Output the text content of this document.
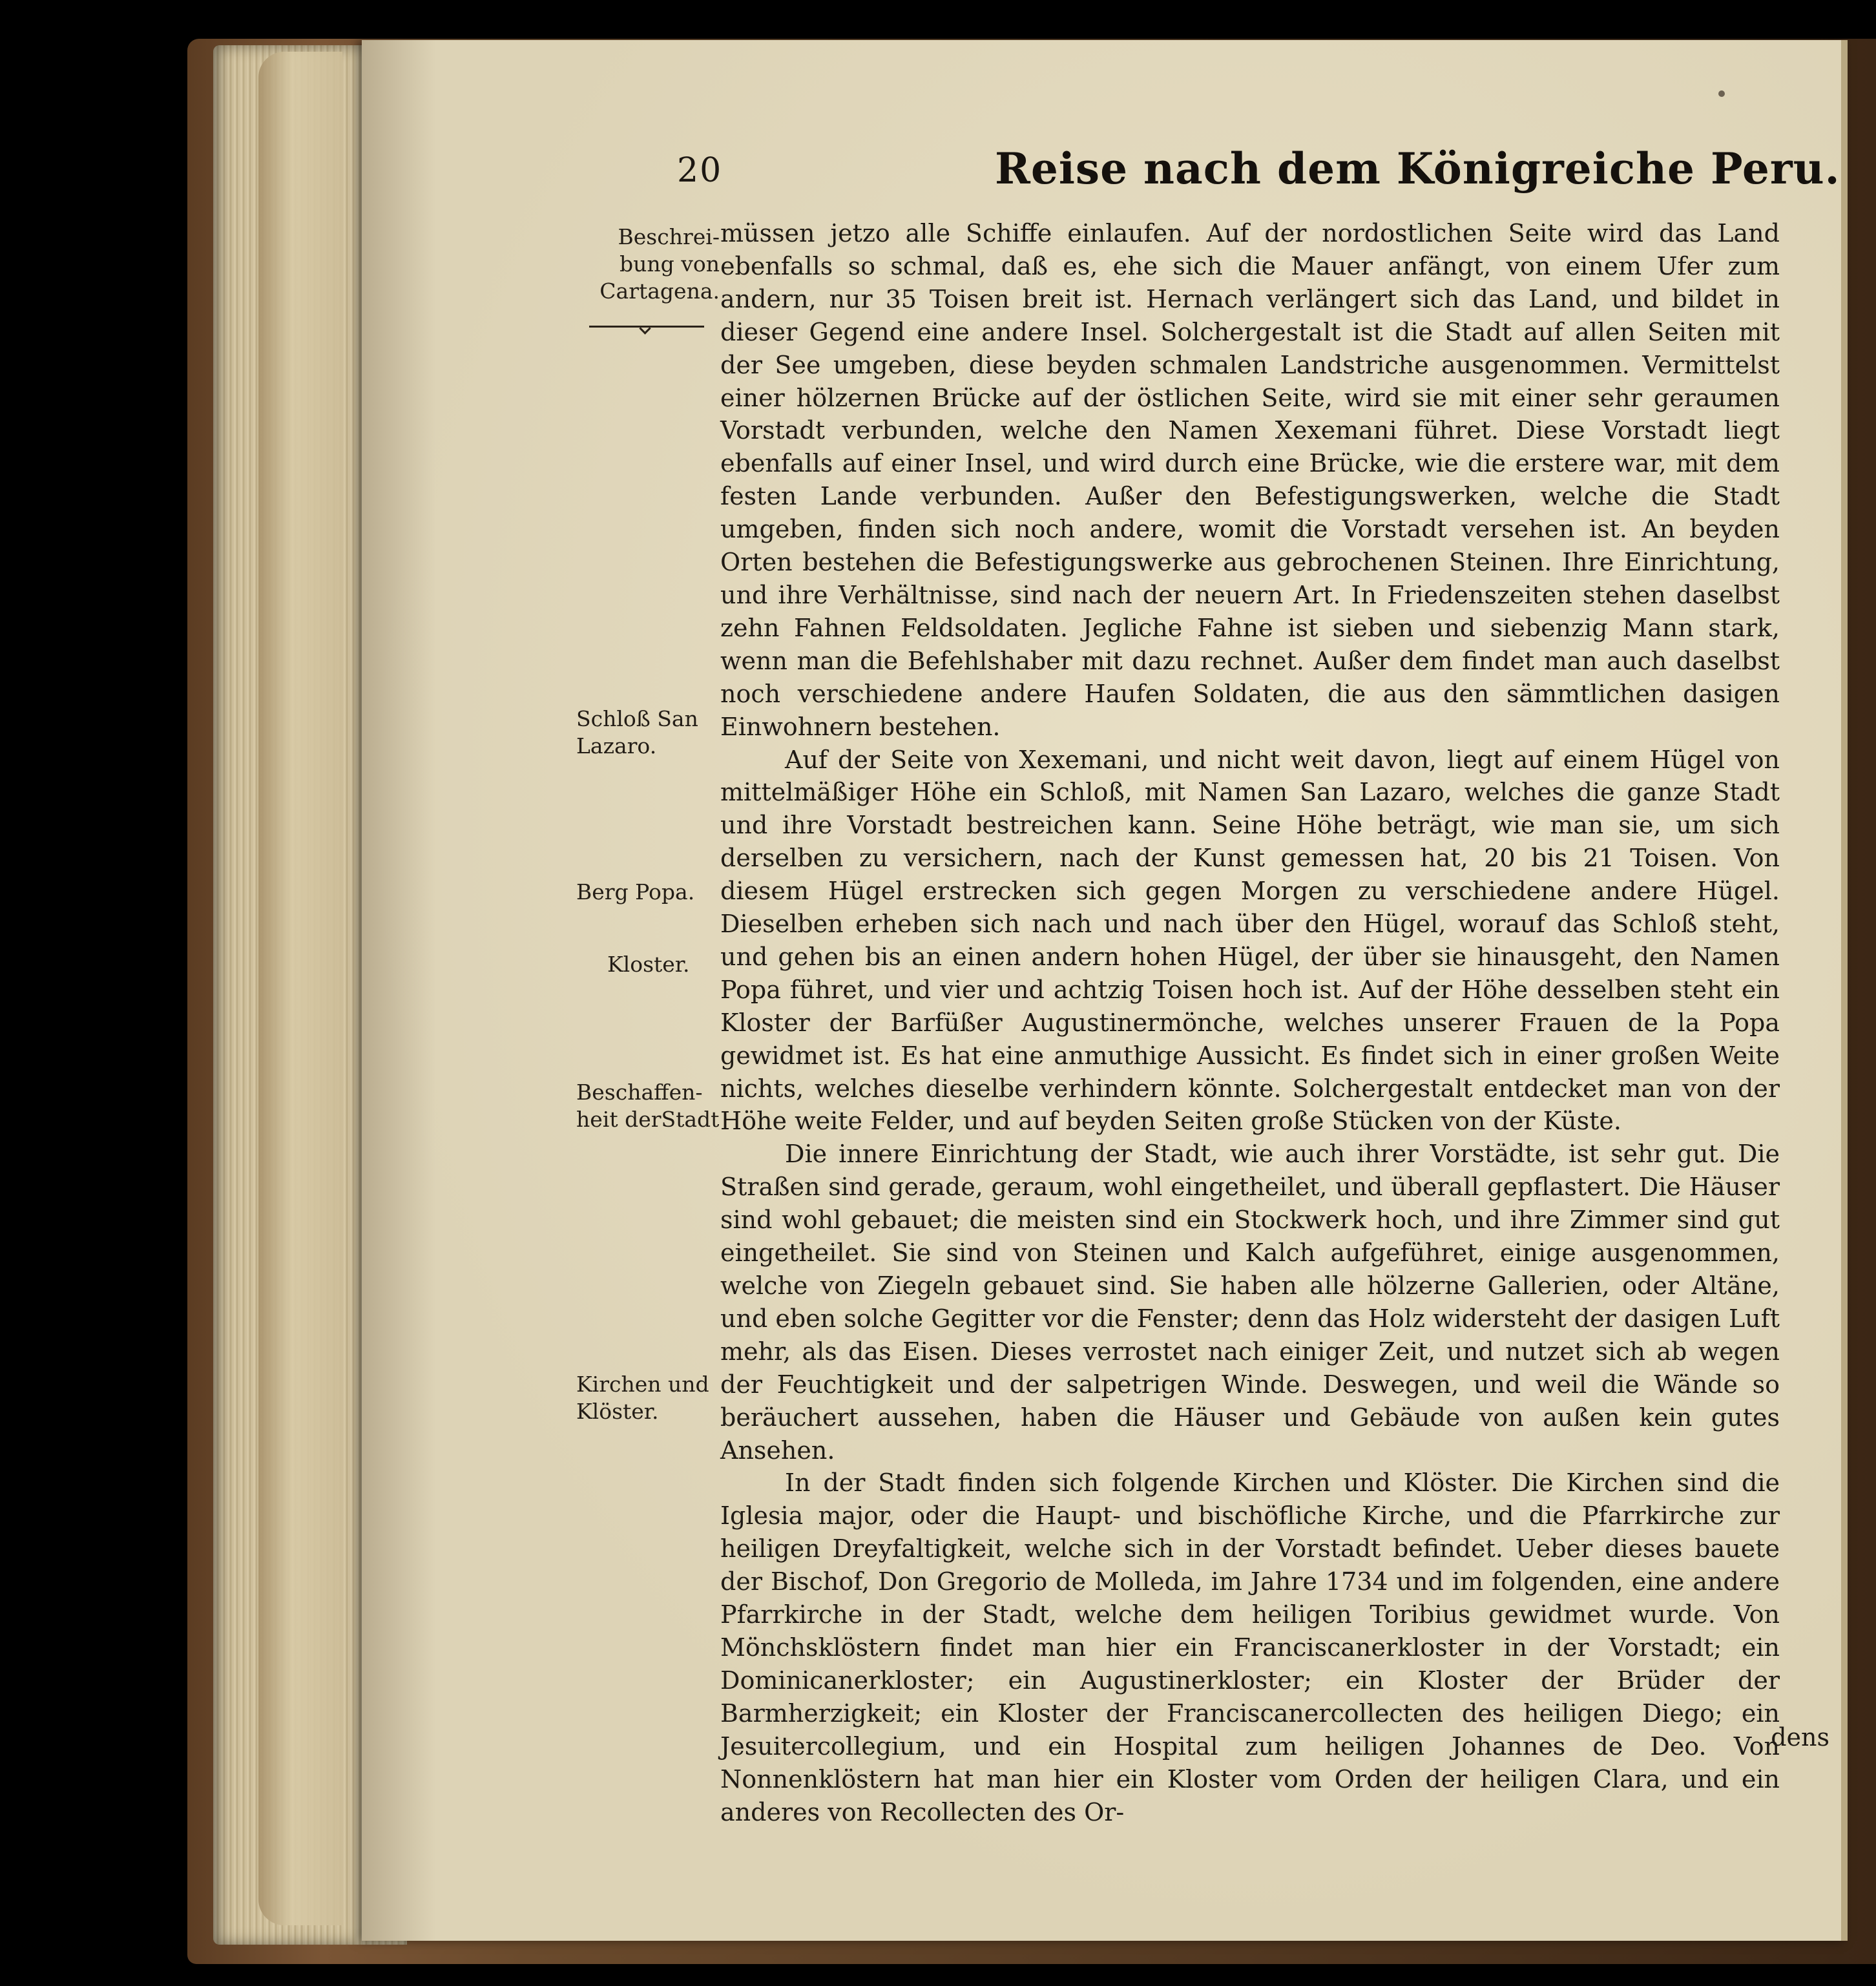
20	Reise nach dem Königreiche Peru.
Beschrei-
bung von
Cartagena.
Schloß San
Lazaro.
Berg Popa.
Kloster.
Beschaffen-
heit derStadt
Kirchen und
Klöster.

müssen jetzo alle Schiffe einlaufen. Auf der nordostlichen Seite wird das Land ebenfalls so schmal, daß es, ehe sich die Mauer anfängt, von einem Ufer zum andern, nur 35 Toisen breit ist. Hernach verlängert sich das Land, und bildet in dieser Gegend eine andere Insel. Solchergestalt ist die Stadt auf allen Seiten mit der See umgeben, diese beyden schmalen Landstriche ausgenommen. Vermittelst einer hölzernen Brücke auf der östlichen Seite, wird sie mit einer sehr geraumen Vorstadt verbunden, welche den Namen Xexemani führet. Diese Vorstadt liegt ebenfalls auf einer Insel, und wird durch eine Brücke, wie die erstere war, mit dem festen Lande verbunden. Außer den Befestigungswerken, welche die Stadt umgeben, finden sich noch andere, womit die Vorstadt versehen ist. An beyden Orten bestehen die Befestigungswerke aus gebrochenen Steinen. Ihre Einrichtung, und ihre Verhältnisse, sind nach der neuern Art. In Friedenszeiten stehen daselbst zehn Fahnen Feldsoldaten. Jegliche Fahne ist sieben und siebenzig Mann stark, wenn man die Befehlshaber mit dazu rechnet. Außer dem findet man auch daselbst noch verschiedene andere Haufen Soldaten, die aus den sämmtlichen dasigen Einwohnern bestehen.

Auf der Seite von Xexemani, und nicht weit davon, liegt auf einem Hügel von mittelmäßiger Höhe ein Schloß, mit Namen San Lazaro, welches die ganze Stadt und ihre Vorstadt bestreichen kann. Seine Höhe beträgt, wie man sie, um sich derselben zu versichern, nach der Kunst gemessen hat, 20 bis 21 Toisen. Von diesem Hügel erstrecken sich gegen Morgen zu verschiedene andere Hügel. Dieselben erheben sich nach und nach über den Hügel, worauf das Schloß steht, und gehen bis an einen andern hohen Hügel, der über sie hinausgeht, den Namen Popa führet, und vier und achtzig Toisen hoch ist. Auf der Höhe desselben steht ein Kloster der Barfüßer Augustinermönche, welches unserer Frauen de la Popa gewidmet ist. Es hat eine anmuthige Aussicht. Es findet sich in einer großen Weite nichts, welches dieselbe verhindern könnte. Solchergestalt entdecket man von der Höhe weite Felder, und auf beyden Seiten große Stücken von der Küste.

Die innere Einrichtung der Stadt, wie auch ihrer Vorstädte, ist sehr gut. Die Straßen sind gerade, geraum, wohl eingetheilet, und überall gepflastert. Die Häuser sind wohl gebauet; die meisten sind ein Stockwerk hoch, und ihre Zimmer sind gut eingetheilet. Sie sind von Steinen und Kalch aufgeführet, einige ausgenommen, welche von Ziegeln gebauet sind. Sie haben alle hölzerne Gallerien, oder Altäne, und eben solche Gegitter vor die Fenster; denn das Holz widersteht der dasigen Luft mehr, als das Eisen. Dieses verrostet nach einiger Zeit, und nutzet sich ab wegen der Feuchtigkeit und der salpetrigen Winde. Deswegen, und weil die Wände so beräuchert aussehen, haben die Häuser und Gebäude von außen kein gutes Ansehen.

In der Stadt finden sich folgende Kirchen und Klöster. Die Kirchen sind die Iglesia major, oder die Haupt- und bischöfliche Kirche, und die Pfarrkirche zur heiligen Dreyfaltigkeit, welche sich in der Vorstadt befindet. Ueber dieses bauete der Bischof, Don Gregorio de Molleda, im Jahre 1734 und im folgenden, eine andere Pfarrkirche in der Stadt, welche dem heiligen Toribius gewidmet wurde. Von Mönchsklöstern findet man hier ein Franciscanerkloster in der Vorstadt; ein Dominicanerkloster; ein Augustinerkloster; ein Kloster der Brüder der Barmherzigkeit; ein Kloster der Franciscanercollecten des heiligen Diego; ein Jesuitercollegium, und ein Hospital zum heiligen Johannes de Deo. Von Nonnenklöstern hat man hier ein Kloster vom Orden der heiligen Clara, und ein anderes von Recollecten des Or-

dens
